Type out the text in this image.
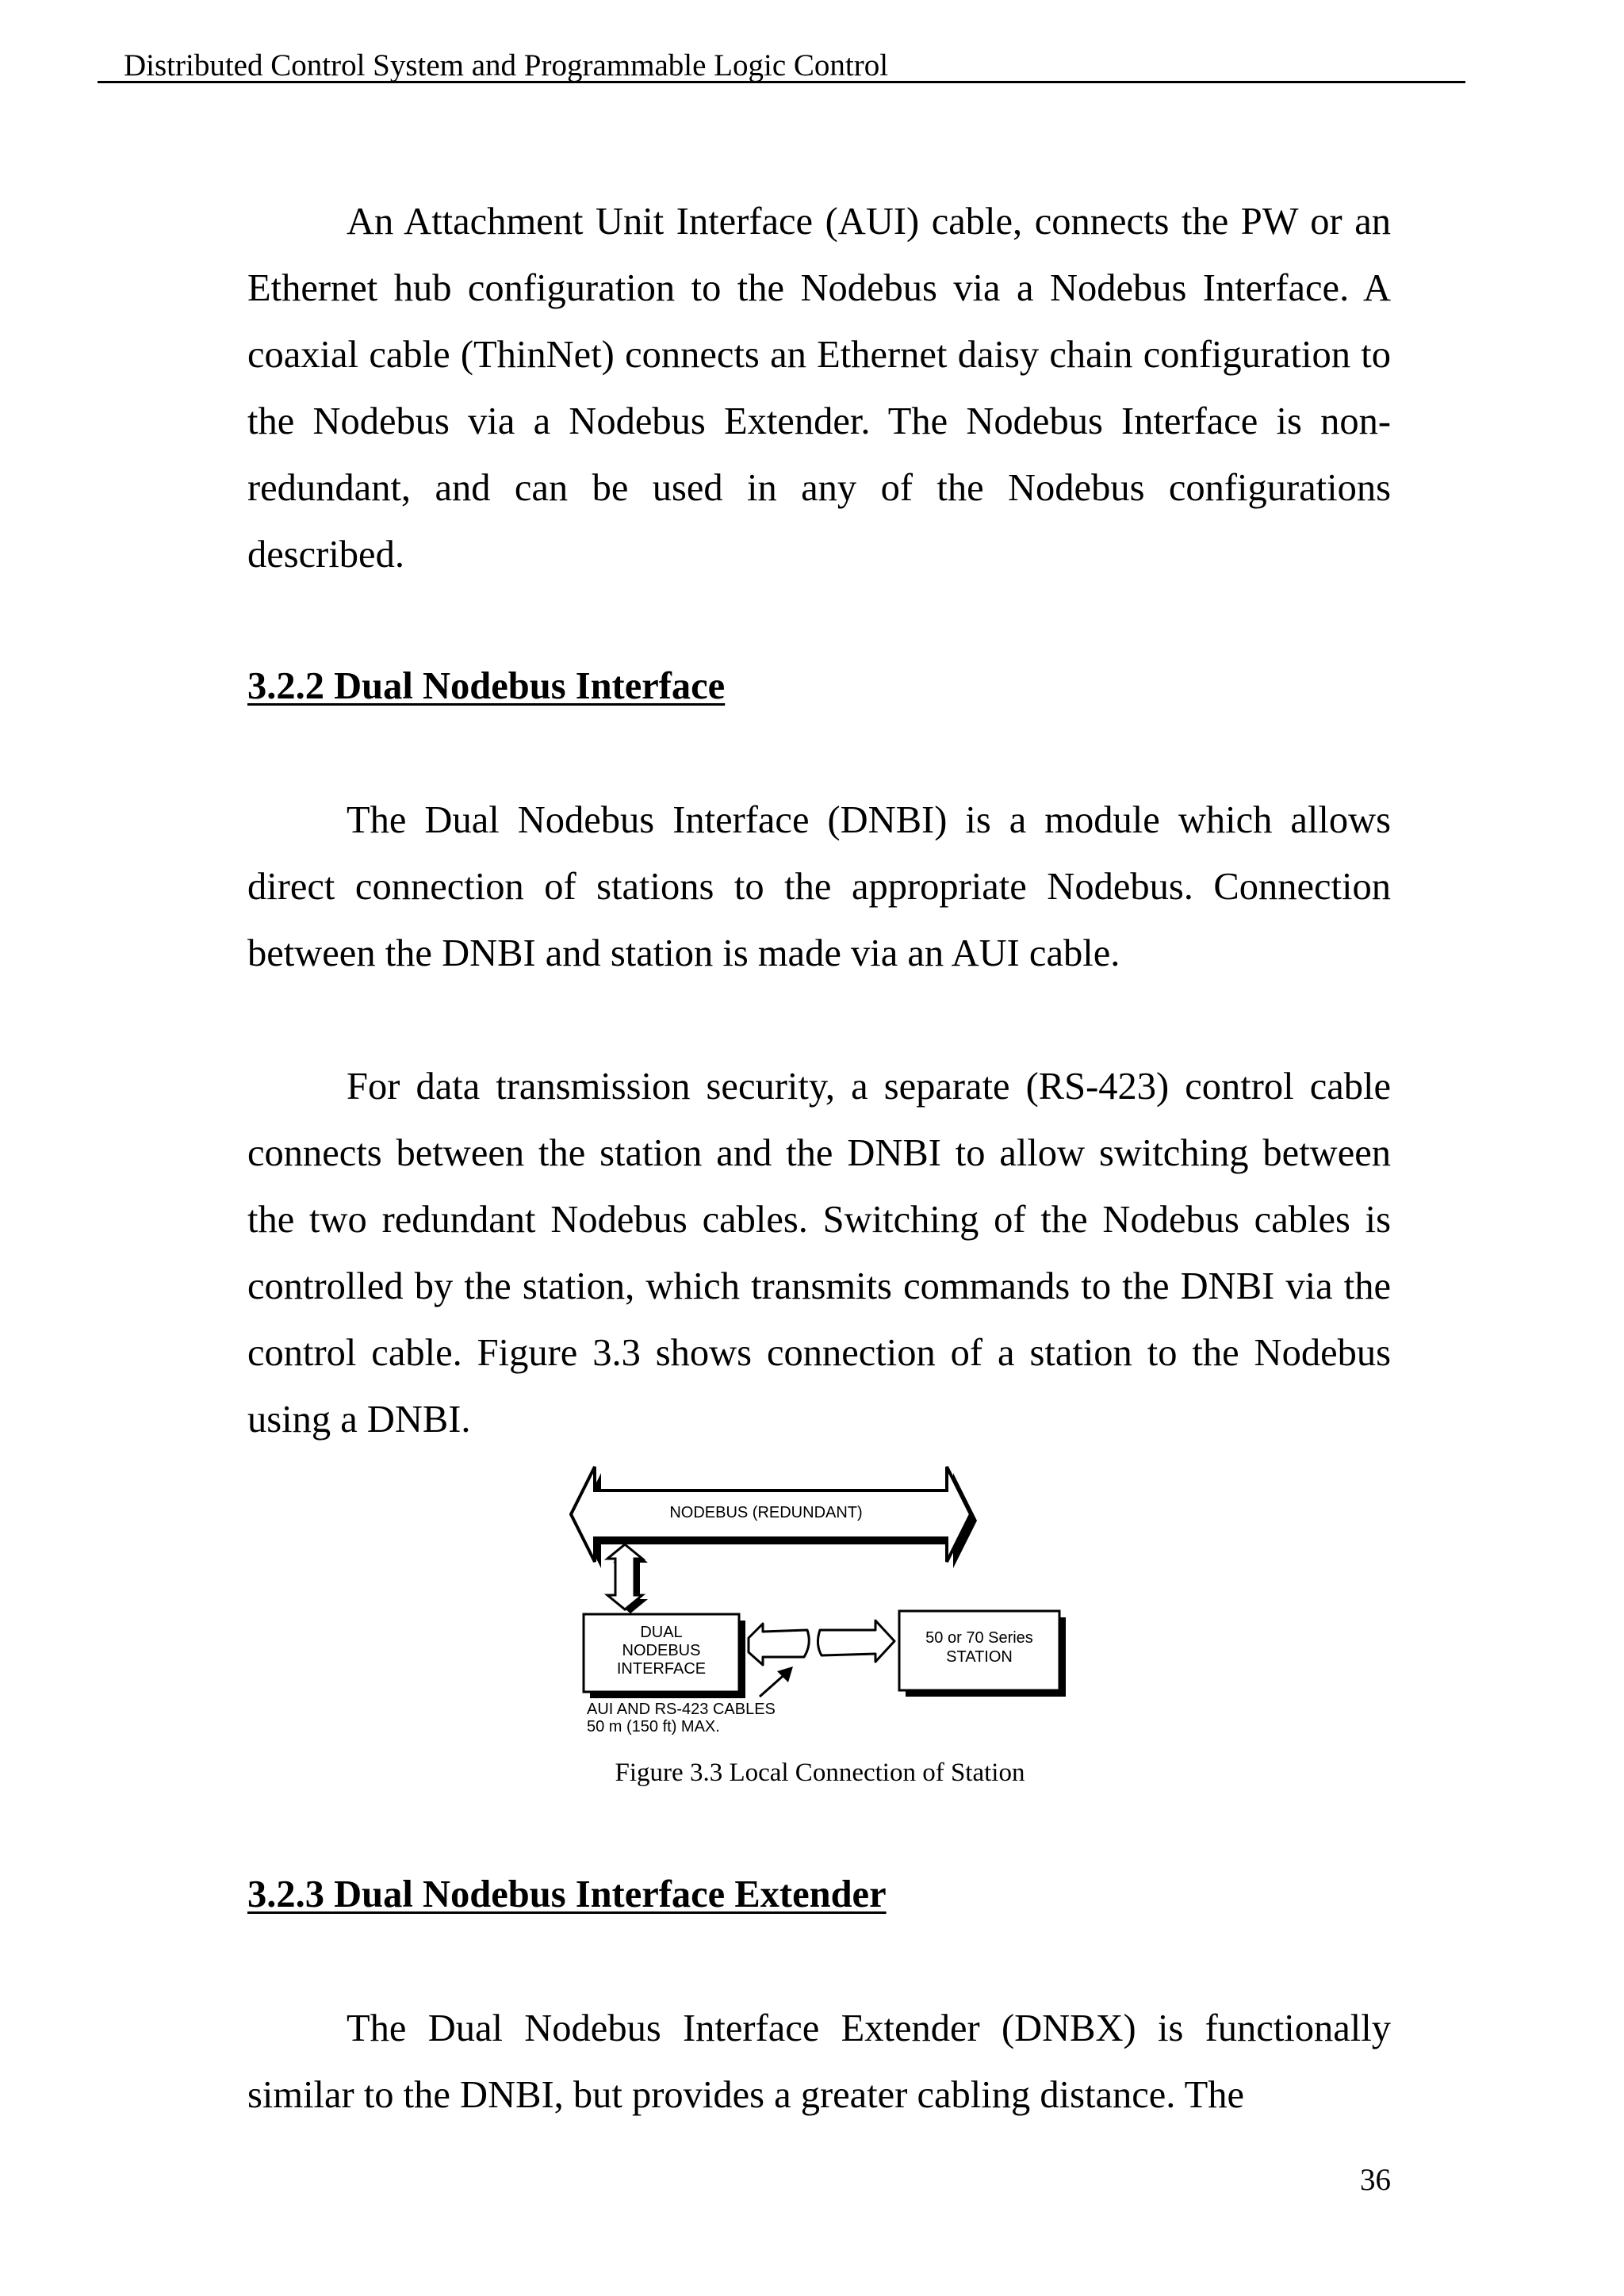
Distributed Control System and Programmable Logic Control

An Attachment Unit Interface (AUI) cable, connects the PW or an Ethernet hub configuration to the Nodebus via a Nodebus Interface. A coaxial cable (ThinNet) connects an Ethernet daisy chain configuration to the Nodebus via a Nodebus Extender. The Nodebus Interface is non-redundant, and can be used in any of the Nodebus configurations described.

3.2.2 Dual Nodebus Interface

The Dual Nodebus Interface (DNBI) is a module which allows direct connection of stations to the appropriate Nodebus. Connection between the DNBI and station is made via an AUI cable.

For data transmission security, a separate (RS-423) control cable connects between the station and the DNBI to allow switching between the two redundant Nodebus cables. Switching of the Nodebus cables is controlled by the station, which transmits commands to the DNBI via the control cable. Figure 3.3 shows connection of a station to the Nodebus using a DNBI.

NODEBUS (REDUNDANT)
DUAL
NODEBUS
INTERFACE
50 or 70 Series
STATION
AUI AND RS-423 CABLES
50 m (150 ft) MAX.
Figure 3.3 Local Connection of Station
3.2.3 Dual Nodebus Interface Extender

The Dual Nodebus Interface Extender (DNBX) is functionally similar to the DNBI, but provides a greater cabling distance. The

36
